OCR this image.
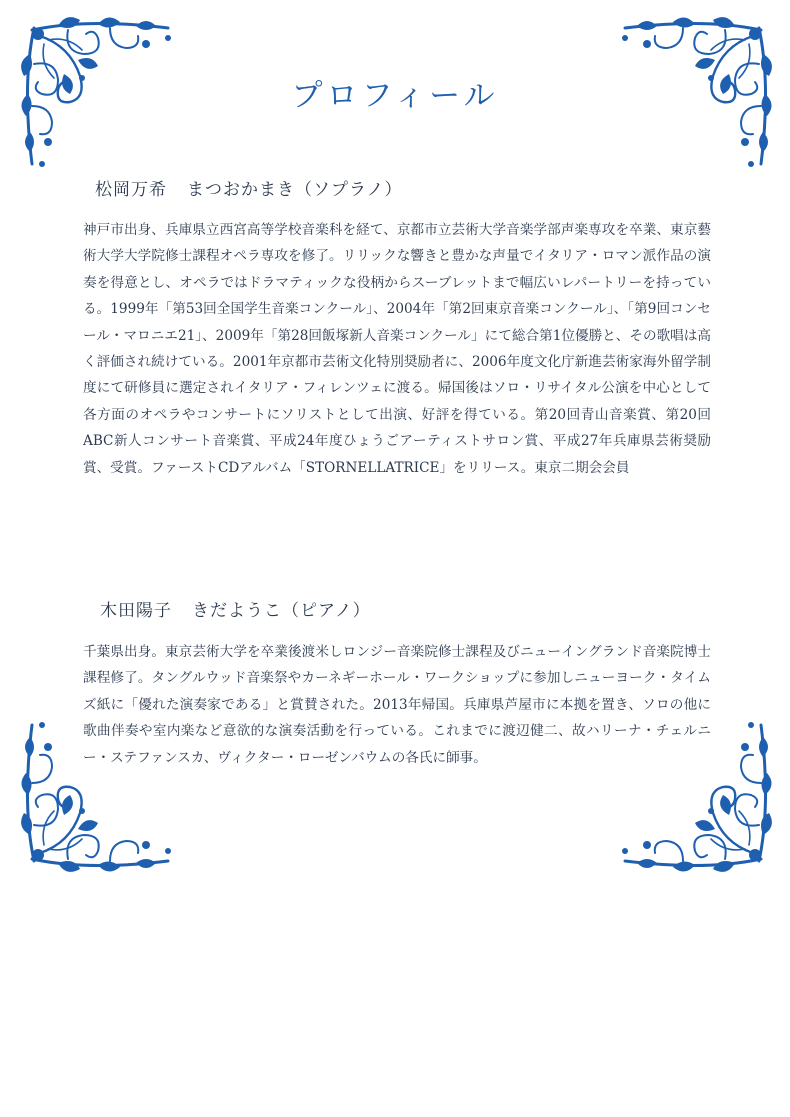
プロフィール
松岡万希 まつおかまき（ソプラノ）
神戸市出身、兵庫県立西宮高等学校音楽科を経て、京都市立芸術大学音楽学部声楽専攻を卒業、東京藝術大学大学院修士課程オペラ専攻を修了。リリックな響きと豊かな声量でイタリア・ロマン派作品の演奏を得意とし、オペラではドラマティックな役柄からスーブレットまで幅広いレパートリーを持っている。1999年「第53回全国学生音楽コンクール」、2004年「第2回東京音楽コンクール」、「第9回コンセール・マロニエ21」、2009年「第28回飯塚新人音楽コンクール」にて総合第1位優勝と、その歌唱は高く評価され続けている。2001年京都市芸術文化特別奨励者に、2006年度文化庁新進芸術家海外留学制度にて研修員に選定されイタリア・フィレンツェに渡る。帰国後はソロ・リサイタル公演を中心として各方面のオペラやコンサートにソリストとして出演、好評を得ている。第20回青山音楽賞、第20回ABC新人コンサート音楽賞、平成24年度ひょうごアーティストサロン賞、平成27年兵庫県芸術奨励賞、受賞。ファーストCDアルバム「STORNELLATRICE」をリリース。東京二期会会員
木田陽子 きだようこ（ピアノ）
千葉県出身。東京芸術大学を卒業後渡米しロンジー音楽院修士課程及びニューイングランド音楽院博士課程修了。タングルウッド音楽祭やカーネギーホール・ワークショップに参加しニューヨーク・タイムズ紙に「優れた演奏家である」と賞賛された。2013年帰国。兵庫県芦屋市に本拠を置き、ソロの他に歌曲伴奏や室内楽など意欲的な演奏活動を行っている。これまでに渡辺健二、故ハリーナ・チェルニー・ステファンスカ、ヴィクター・ローゼンバウムの各氏に師事。
